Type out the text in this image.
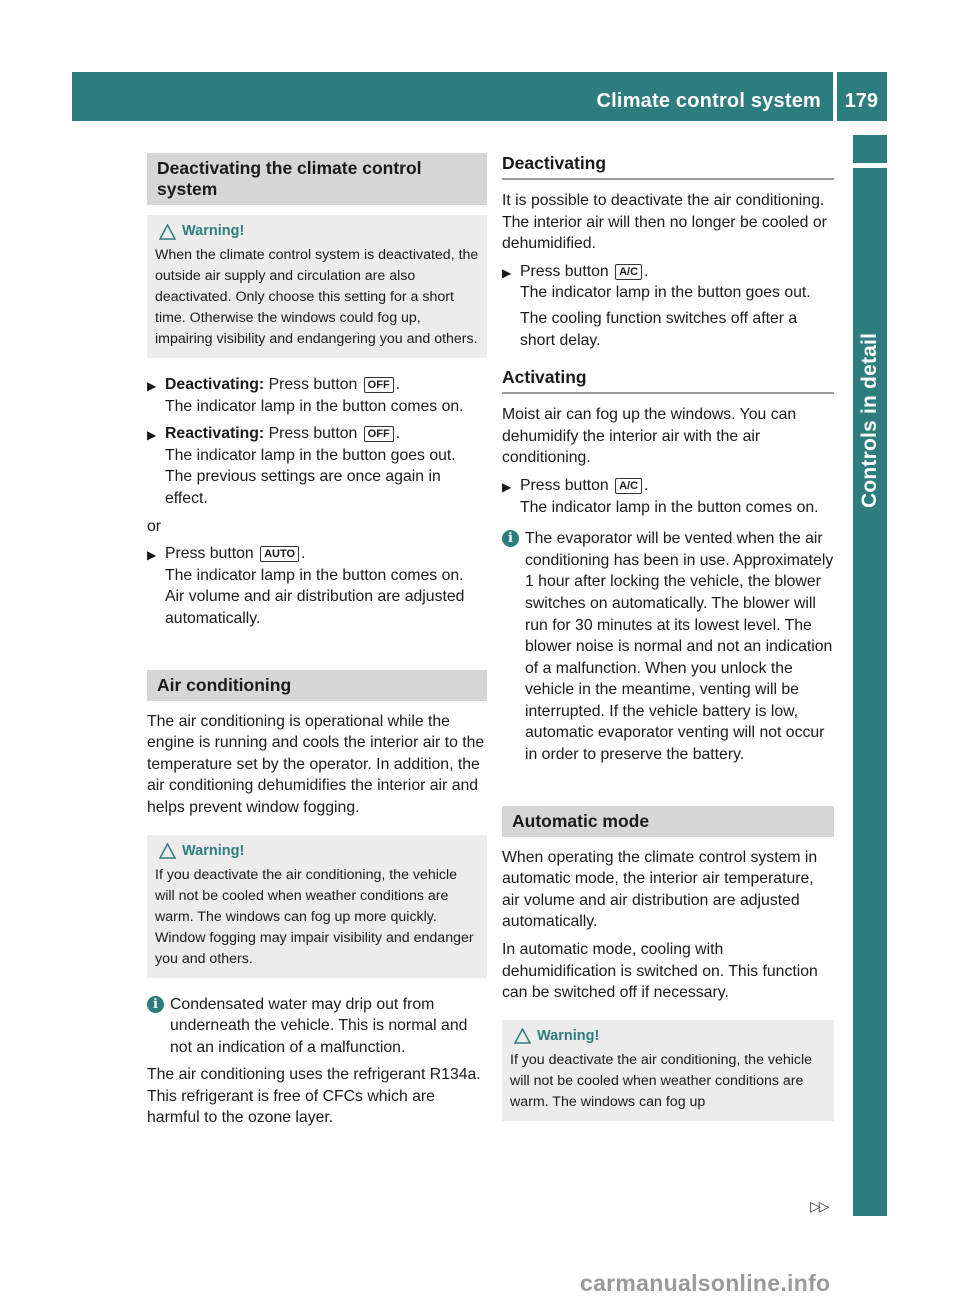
Climate control system 179
Controls in detail
Deactivating the climate control system
Warning!
When the climate control system is deactivated, the outside air supply and circulation are also deactivated. Only choose this setting for a short time. Otherwise the windows could fog up, impairing visibility and endangering you and others.
▶ Deactivating: Press button OFF .
The indicator lamp in the button comes on.
▶ Reactivating: Press button OFF .
The indicator lamp in the button goes out.
The previous settings are once again in effect.

or

▶ Press button AUTO .
The indicator lamp in the button comes on.
Air volume and air distribution are adjusted automatically.
Air conditioning

The air conditioning is operational while the engine is running and cools the interior air to the temperature set by the operator. In addition, the air conditioning dehumidifies the interior air and helps prevent window fogging.

Warning!
If you deactivate the air conditioning, the vehicle will not be cooled when weather conditions are warm. The windows can fog up more quickly. Window fogging may impair visibility and endanger you and others.
i Condensated water may drip out from underneath the vehicle. This is normal and not an indication of a malfunction.

The air conditioning uses the refrigerant R134a. This refrigerant is free of CFCs which are harmful to the ozone layer.

Deactivating

It is possible to deactivate the air conditioning. The interior air will then no longer be cooled or dehumidified.

▶ Press button A/C .
The indicator lamp in the button goes out.
The cooling function switches off after a short delay.
Activating

Moist air can fog up the windows. You can dehumidify the interior air with the air conditioning.

▶ Press button A/C .
The indicator lamp in the button comes on.
i The evaporator will be vented when the air conditioning has been in use. Approximately 1 hour after locking the vehicle, the blower switches on automatically. The blower will run for 30 minutes at its lowest level. The blower noise is normal and not an indication of a malfunction. When you unlock the vehicle in the meantime, venting will be interrupted. If the vehicle battery is low, automatic evaporator venting will not occur in order to preserve the battery.
Automatic mode

When operating the climate control system in automatic mode, the interior air temperature, air volume and air distribution are adjusted automatically.

In automatic mode, cooling with dehumidification is switched on. This function can be switched off if necessary.

Warning!
If you deactivate the air conditioning, the vehicle will not be cooled when weather conditions are warm. The windows can fog up
▷▷
carmanualsonline.info
